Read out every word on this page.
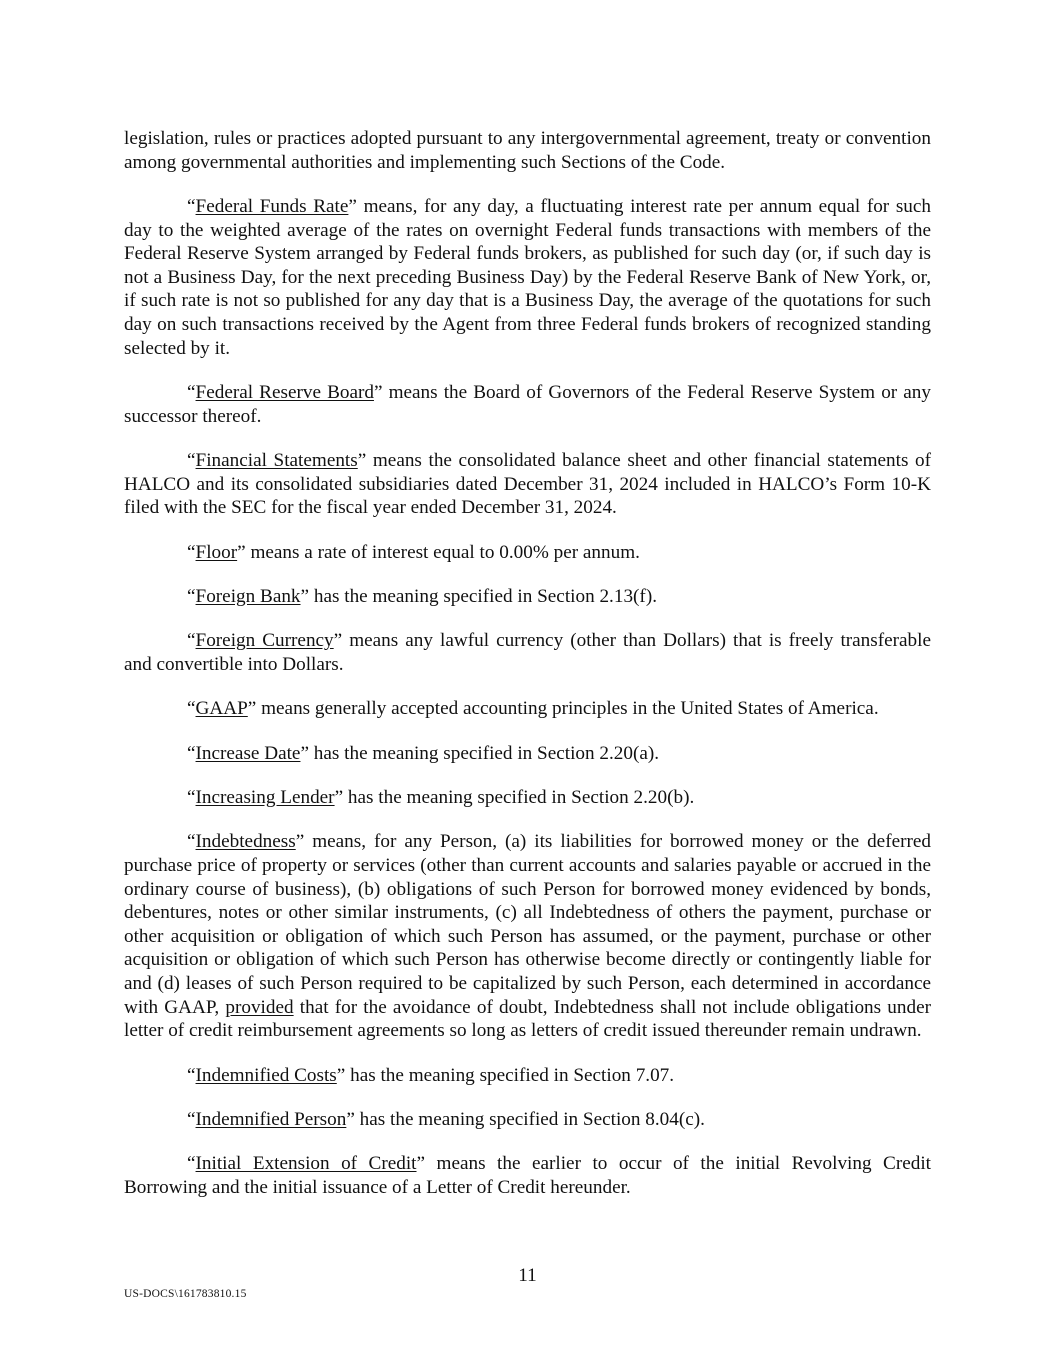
legislation, rules or practices adopted pursuant to any intergovernmental agreement, treaty or convention among governmental authorities and implementing such Sections of the Code.

“Federal Funds Rate” means, for any day, a fluctuating interest rate per annum equal for such day to the weighted average of the rates on overnight Federal funds transactions with members of the Federal Reserve System arranged by Federal funds brokers, as published for such day (or, if such day is not a Business Day, for the next preceding Business Day) by the Federal Reserve Bank of New York, or, if such rate is not so published for any day that is a Business Day, the average of the quotations for such day on such transactions received by the Agent from three Federal funds brokers of recognized standing selected by it.

“Federal Reserve Board” means the Board of Governors of the Federal Reserve System or any successor thereof.

“Financial Statements” means the consolidated balance sheet and other financial statements of HALCO and its consolidated subsidiaries dated December 31, 2024 included in HALCO’s Form 10-K filed with the SEC for the fiscal year ended December 31, 2024.

“Floor” means a rate of interest equal to 0.00% per annum.

“Foreign Bank” has the meaning specified in Section 2.13(f).

“Foreign Currency” means any lawful currency (other than Dollars) that is freely transferable and convertible into Dollars.

“GAAP” means generally accepted accounting principles in the United States of America.

“Increase Date” has the meaning specified in Section 2.20(a).

“Increasing Lender” has the meaning specified in Section 2.20(b).

“Indebtedness” means, for any Person, (a) its liabilities for borrowed money or the deferred purchase price of property or services (other than current accounts and salaries payable or accrued in the ordinary course of business), (b) obligations of such Person for borrowed money evidenced by bonds, debentures, notes or other similar instruments, (c) all Indebtedness of others the payment, purchase or other acquisition or obligation of which such Person has assumed, or the payment, purchase or other acquisition or obligation of which such Person has otherwise become directly or contingently liable for and (d) leases of such Person required to be capitalized by such Person, each determined in accordance with GAAP, provided that for the avoidance of doubt, Indebtedness shall not include obligations under letter of credit reimbursement agreements so long as letters of credit issued thereunder remain undrawn.

“Indemnified Costs” has the meaning specified in Section 7.07.

“Indemnified Person” has the meaning specified in Section 8.04(c).

“Initial Extension of Credit” means the earlier to occur of the initial Revolving Credit Borrowing and the initial issuance of a Letter of Credit hereunder.

11
US-DOCS\161783810.15
